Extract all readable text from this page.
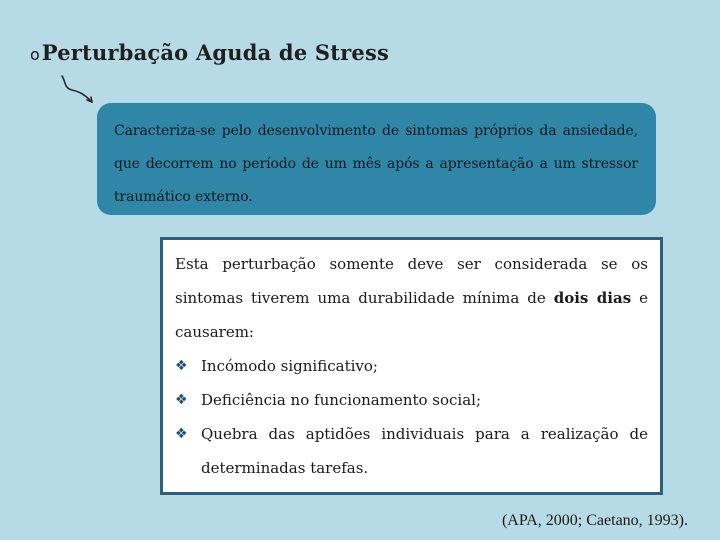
o Perturbação Aguda de Stress
Caracteriza-se pelo desenvolvimento de sintomas próprios da ansiedade, que decorrem no período de um mês após a apresentação a um stressor traumático externo.

Esta perturbação somente deve ser considerada se os sintomas tiverem uma durabilidade mínima de dois dias e causarem:

❖ Incómodo significativo;
❖ Deficiência no funcionamento social;
❖ Quebra das aptidões individuais para a realização de determinadas tarefas.
(APA, 2000; Caetano, 1993).
